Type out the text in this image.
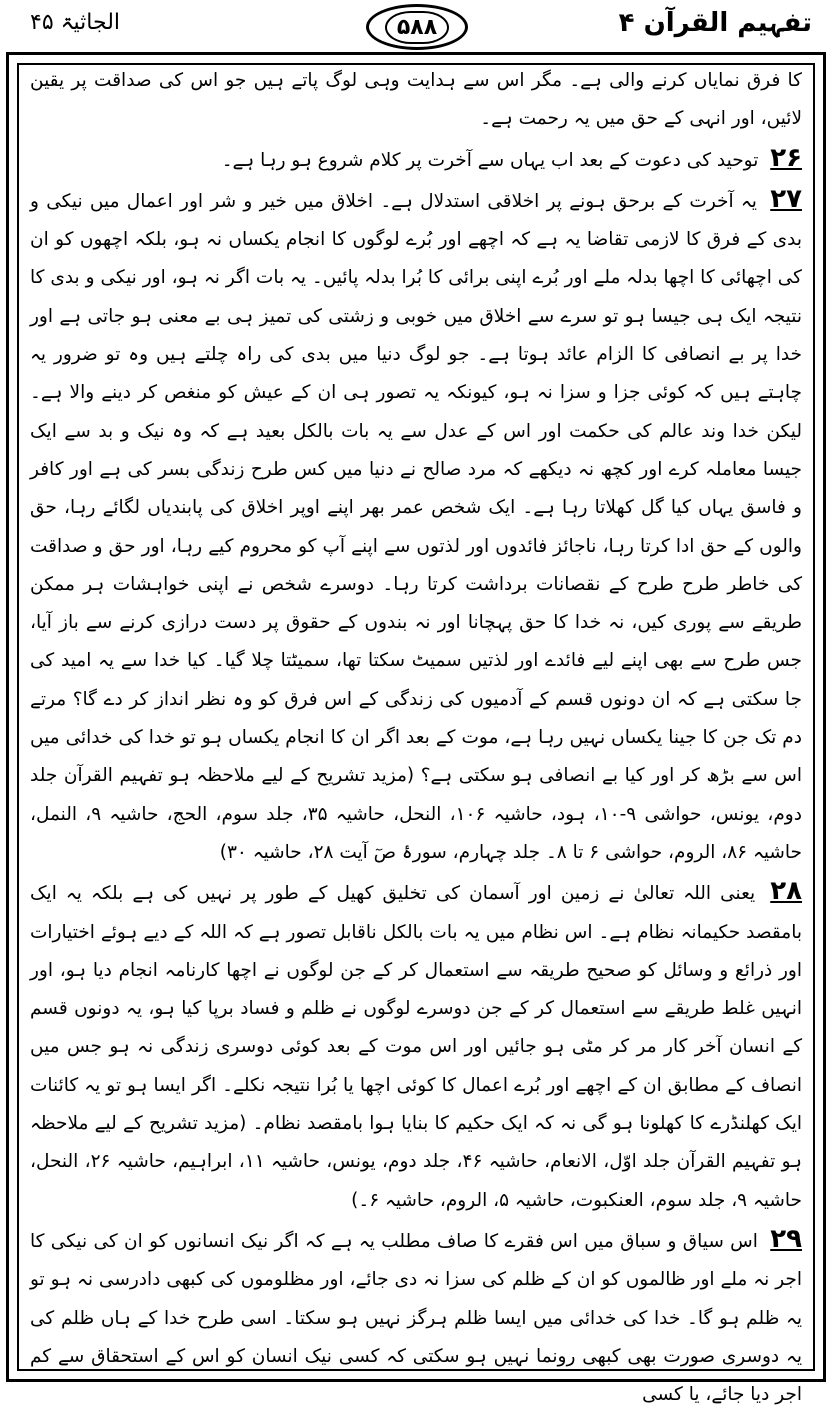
تفہیم القرآن ۴
۵۸۸
الجاثیۃ ۴۵

کا فرق نمایاں کرنے والی ہے۔ مگر اس سے ہدایت وہی لوگ پاتے ہیں جو اس کی صداقت پر یقین لائیں، اور انہی کے حق میں یہ رحمت ہے۔

۲۶ توحید کی دعوت کے بعد اب یہاں سے آخرت پر کلام شروع ہو رہا ہے۔

۲۷ یہ آخرت کے برحق ہونے پر اخلاقی استدلال ہے۔ اخلاق میں خیر و شر اور اعمال میں نیکی و بدی کے فرق کا لازمی تقاضا یہ ہے کہ اچھے اور بُرے لوگوں کا انجام یکساں نہ ہو، بلکہ اچھوں کو ان کی اچھائی کا اچھا بدلہ ملے اور بُرے اپنی برائی کا بُرا بدلہ پائیں۔ یہ بات اگر نہ ہو، اور نیکی و بدی کا نتیجہ ایک ہی جیسا ہو تو سرے سے اخلاق میں خوبی و زشتی کی تمیز ہی بے معنی ہو جاتی ہے اور خدا پر بے انصافی کا الزام عائد ہوتا ہے۔ جو لوگ دنیا میں بدی کی راہ چلتے ہیں وہ تو ضرور یہ چاہتے ہیں کہ کوئی جزا و سزا نہ ہو، کیونکہ یہ تصور ہی ان کے عیش کو منغص کر دینے والا ہے۔ لیکن خدا وند عالم کی حکمت اور اس کے عدل سے یہ بات بالکل بعید ہے کہ وہ نیک و بد سے ایک جیسا معاملہ کرے اور کچھ نہ دیکھے کہ مرد صالح نے دنیا میں کس طرح زندگی بسر کی ہے اور کافر و فاسق یہاں کیا گل کھلاتا رہا ہے۔ ایک شخص عمر بھر اپنے اوپر اخلاق کی پابندیاں لگائے رہا، حق والوں کے حق ادا کرتا رہا، ناجائز فائدوں اور لذتوں سے اپنے آپ کو محروم کیے رہا، اور حق و صداقت کی خاطر طرح طرح کے نقصانات برداشت کرتا رہا۔ دوسرے شخص نے اپنی خواہشات ہر ممکن طریقے سے پوری کیں، نہ خدا کا حق پہچانا اور نہ بندوں کے حقوق پر دست درازی کرنے سے باز آیا، جس طرح سے بھی اپنے لیے فائدے اور لذتیں سمیٹ سکتا تھا، سمیٹتا چلا گیا۔ کیا خدا سے یہ امید کی جا سکتی ہے کہ ان دونوں قسم کے آدمیوں کی زندگی کے اس فرق کو وہ نظر انداز کر دے گا؟ مرتے دم تک جن کا جینا یکساں نہیں رہا ہے، موت کے بعد اگر ان کا انجام یکساں ہو تو خدا کی خدائی میں اس سے بڑھ کر اور کیا بے انصافی ہو سکتی ہے؟ (مزید تشریح کے لیے ملاحظہ ہو تفہیم القرآن جلد دوم، یونس، حواشی ۹-۱۰، ہود، حاشیہ ۱۰۶، النحل، حاشیہ ۳۵، جلد سوم، الحج، حاشیہ ۹، النمل، حاشیہ ۸۶، الروم، حواشی ۶ تا ۸۔ جلد چہارم، سورۂ صٓ آیت ۲۸، حاشیہ ۳۰)

۲۸ یعنی اللہ تعالیٰ نے زمین اور آسمان کی تخلیق کھیل کے طور پر نہیں کی ہے بلکہ یہ ایک بامقصد حکیمانہ نظام ہے۔ اس نظام میں یہ بات بالکل ناقابل تصور ہے کہ اللہ کے دیے ہوئے اختیارات اور ذرائع و وسائل کو صحیح طریقہ سے استعمال کر کے جن لوگوں نے اچھا کارنامہ انجام دیا ہو، اور انہیں غلط طریقے سے استعمال کر کے جن دوسرے لوگوں نے ظلم و فساد برپا کیا ہو، یہ دونوں قسم کے انسان آخر کار مر کر مٹی ہو جائیں اور اس موت کے بعد کوئی دوسری زندگی نہ ہو جس میں انصاف کے مطابق ان کے اچھے اور بُرے اعمال کا کوئی اچھا یا بُرا نتیجہ نکلے۔ اگر ایسا ہو تو یہ کائنات ایک کھلنڈرے کا کھلونا ہو گی نہ کہ ایک حکیم کا بنایا ہوا بامقصد نظام۔ (مزید تشریح کے لیے ملاحظہ ہو تفہیم القرآن جلد اوّل، الانعام، حاشیہ ۴۶، جلد دوم، یونس، حاشیہ ۱۱، ابراہیم، حاشیہ ۲۶، النحل، حاشیہ ۹، جلد سوم، العنکبوت، حاشیہ ۵، الروم، حاشیہ ۶۔)

۲۹ اس سیاق و سباق میں اس فقرے کا صاف مطلب یہ ہے کہ اگر نیک انسانوں کو ان کی نیکی کا اجر نہ ملے اور ظالموں کو ان کے ظلم کی سزا نہ دی جائے، اور مظلوموں کی کبھی دادرسی نہ ہو تو یہ ظلم ہو گا۔ خدا کی خدائی میں ایسا ظلم ہرگز نہیں ہو سکتا۔ اسی طرح خدا کے ہاں ظلم کی یہ دوسری صورت بھی کبھی رونما نہیں ہو سکتی کہ کسی نیک انسان کو اس کے استحقاق سے کم اجر دیا جائے، یا کسی
